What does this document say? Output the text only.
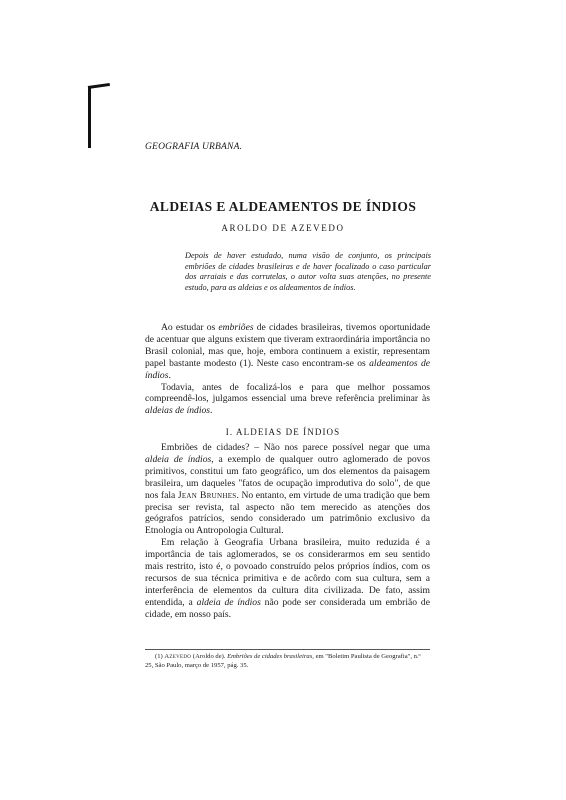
GEOGRAFIA URBANA.
ALDEIAS E ALDEAMENTOS DE ÍNDIOS
AROLDO DE AZEVEDO
Depois de haver estudado, numa visão de conjunto, os principais embriões de cidades brasileiras e de haver focalizado o caso particular dos arraiais e das corrutelas, o autor volta suas atenções, no presente estudo, para as aldeias e os aldeamentos de índios.

Ao estudar os embriões de cidades brasileiras, tivemos oportunidade de acentuar que alguns existem que tiveram extraordinária importância no Brasil colonial, mas que, hoje, embora continuem a existir, representam papel bastante modesto (1). Neste caso encontram-se os aldeamentos de índios.

Todavia, antes de focalizá-los e para que melhor possamos compreendê-los, julgamos essencial uma breve referência preliminar às aldeias de índios.

I. ALDEIAS DE ÍNDIOS

Embriões de cidades? – Não nos parece possível negar que uma aldeia de índios, a exemplo de qualquer outro aglomerado de povos primitivos, constitui um fato geográfico, um dos elementos da paisagem brasileira, um daqueles "fatos de ocupação improdutiva do solo", de que nos fala Jean Brunhes. No entanto, em virtude de uma tradição que bem precisa ser revista, tal aspecto não tem merecido as atenções dos geógrafos patrícios, sendo considerado um patrimônio exclusivo da Etnologia ou Antropologia Cultural.

Em relação à Geografia Urbana brasileira, muito reduzida é a importância de tais aglomerados, se os considerarmos em seu sentido mais restrito, isto é, o povoado construído pelos próprios índios, com os recursos de sua técnica primitiva e de acôrdo com sua cultura, sem a interferência de elementos da cultura dita civilizada. De fato, assim entendida, a aldeia de índios não pode ser considerada um embrião de cidade, em nosso país.

(1) Azevedo (Aroldo de). Embriões de cidades brasileiras, em "Boletim Paulista de Geografia", n.º 25, São Paulo, março de 1957, pág. 35.
